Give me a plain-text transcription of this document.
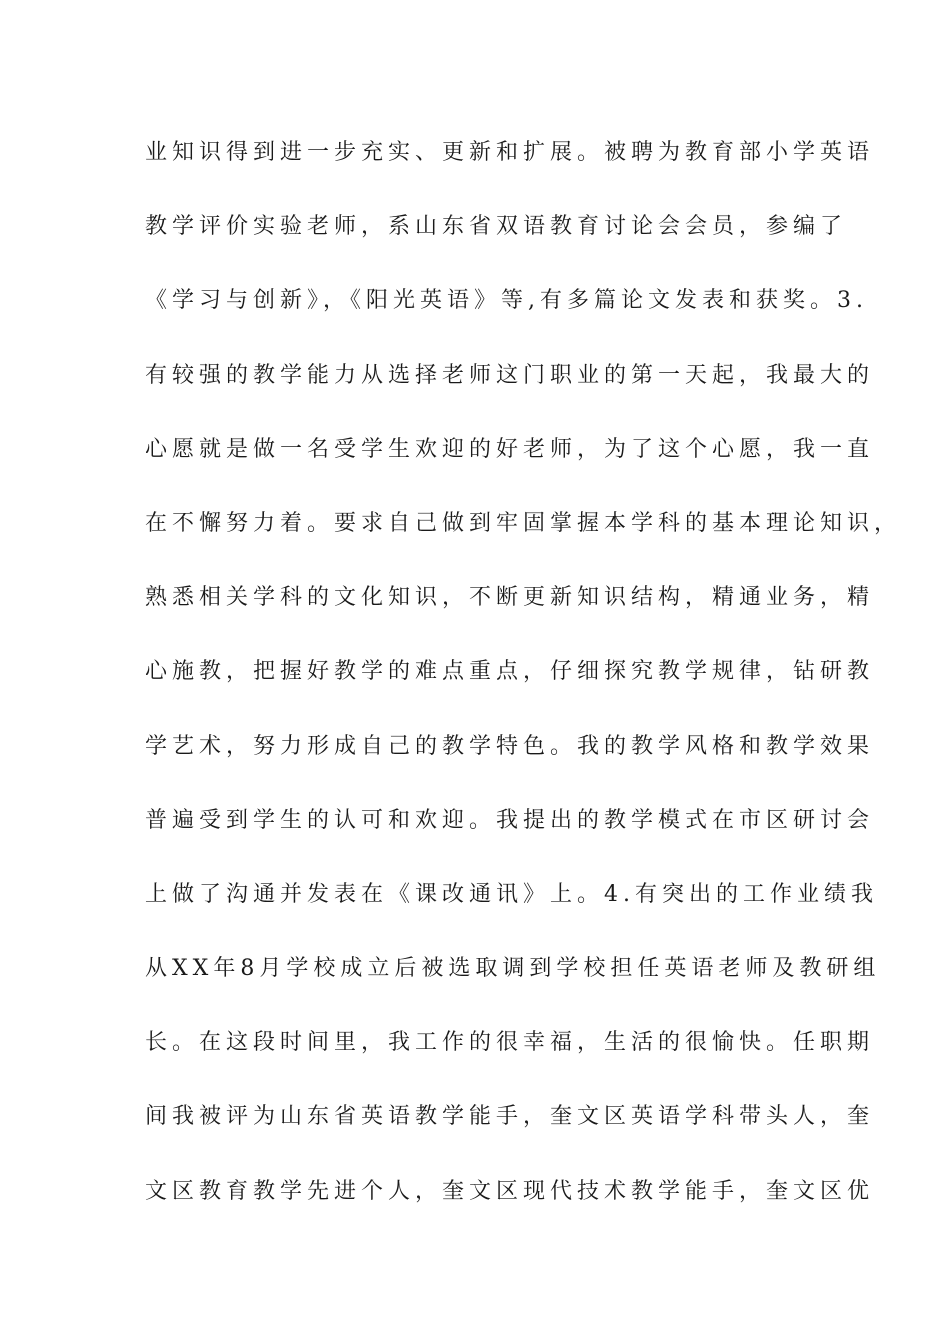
业知识得到进一步充实、更新和扩展。被聘为教育部小学英语
教学评价实验老师，系山东省双语教育讨论会会员，参编了
《学习与创新》，《阳光英语》等,有多篇论文发表和获奖。3.
有较强的教学能力从选择老师这门职业的第一天起，我最大的
心愿就是做一名受学生欢迎的好老师，为了这个心愿，我一直
在不懈努力着。要求自己做到牢固掌握本学科的基本理论知识，
熟悉相关学科的文化知识，不断更新知识结构，精通业务，精
心施教，把握好教学的难点重点，仔细探究教学规律，钻研教
学艺术，努力形成自己的教学特色。我的教学风格和教学效果
普遍受到学生的认可和欢迎。我提出的教学模式在市区研讨会
上做了沟通并发表在《课改通讯》上。4.有突出的工作业绩我
从XX年8月学校成立后被选取调到学校担任英语老师及教研组
长。在这段时间里，我工作的很幸福，生活的很愉快。任职期
间我被评为山东省英语教学能手，奎文区英语学科带头人，奎
文区教育教学先进个人，奎文区现代技术教学能手，奎文区优
